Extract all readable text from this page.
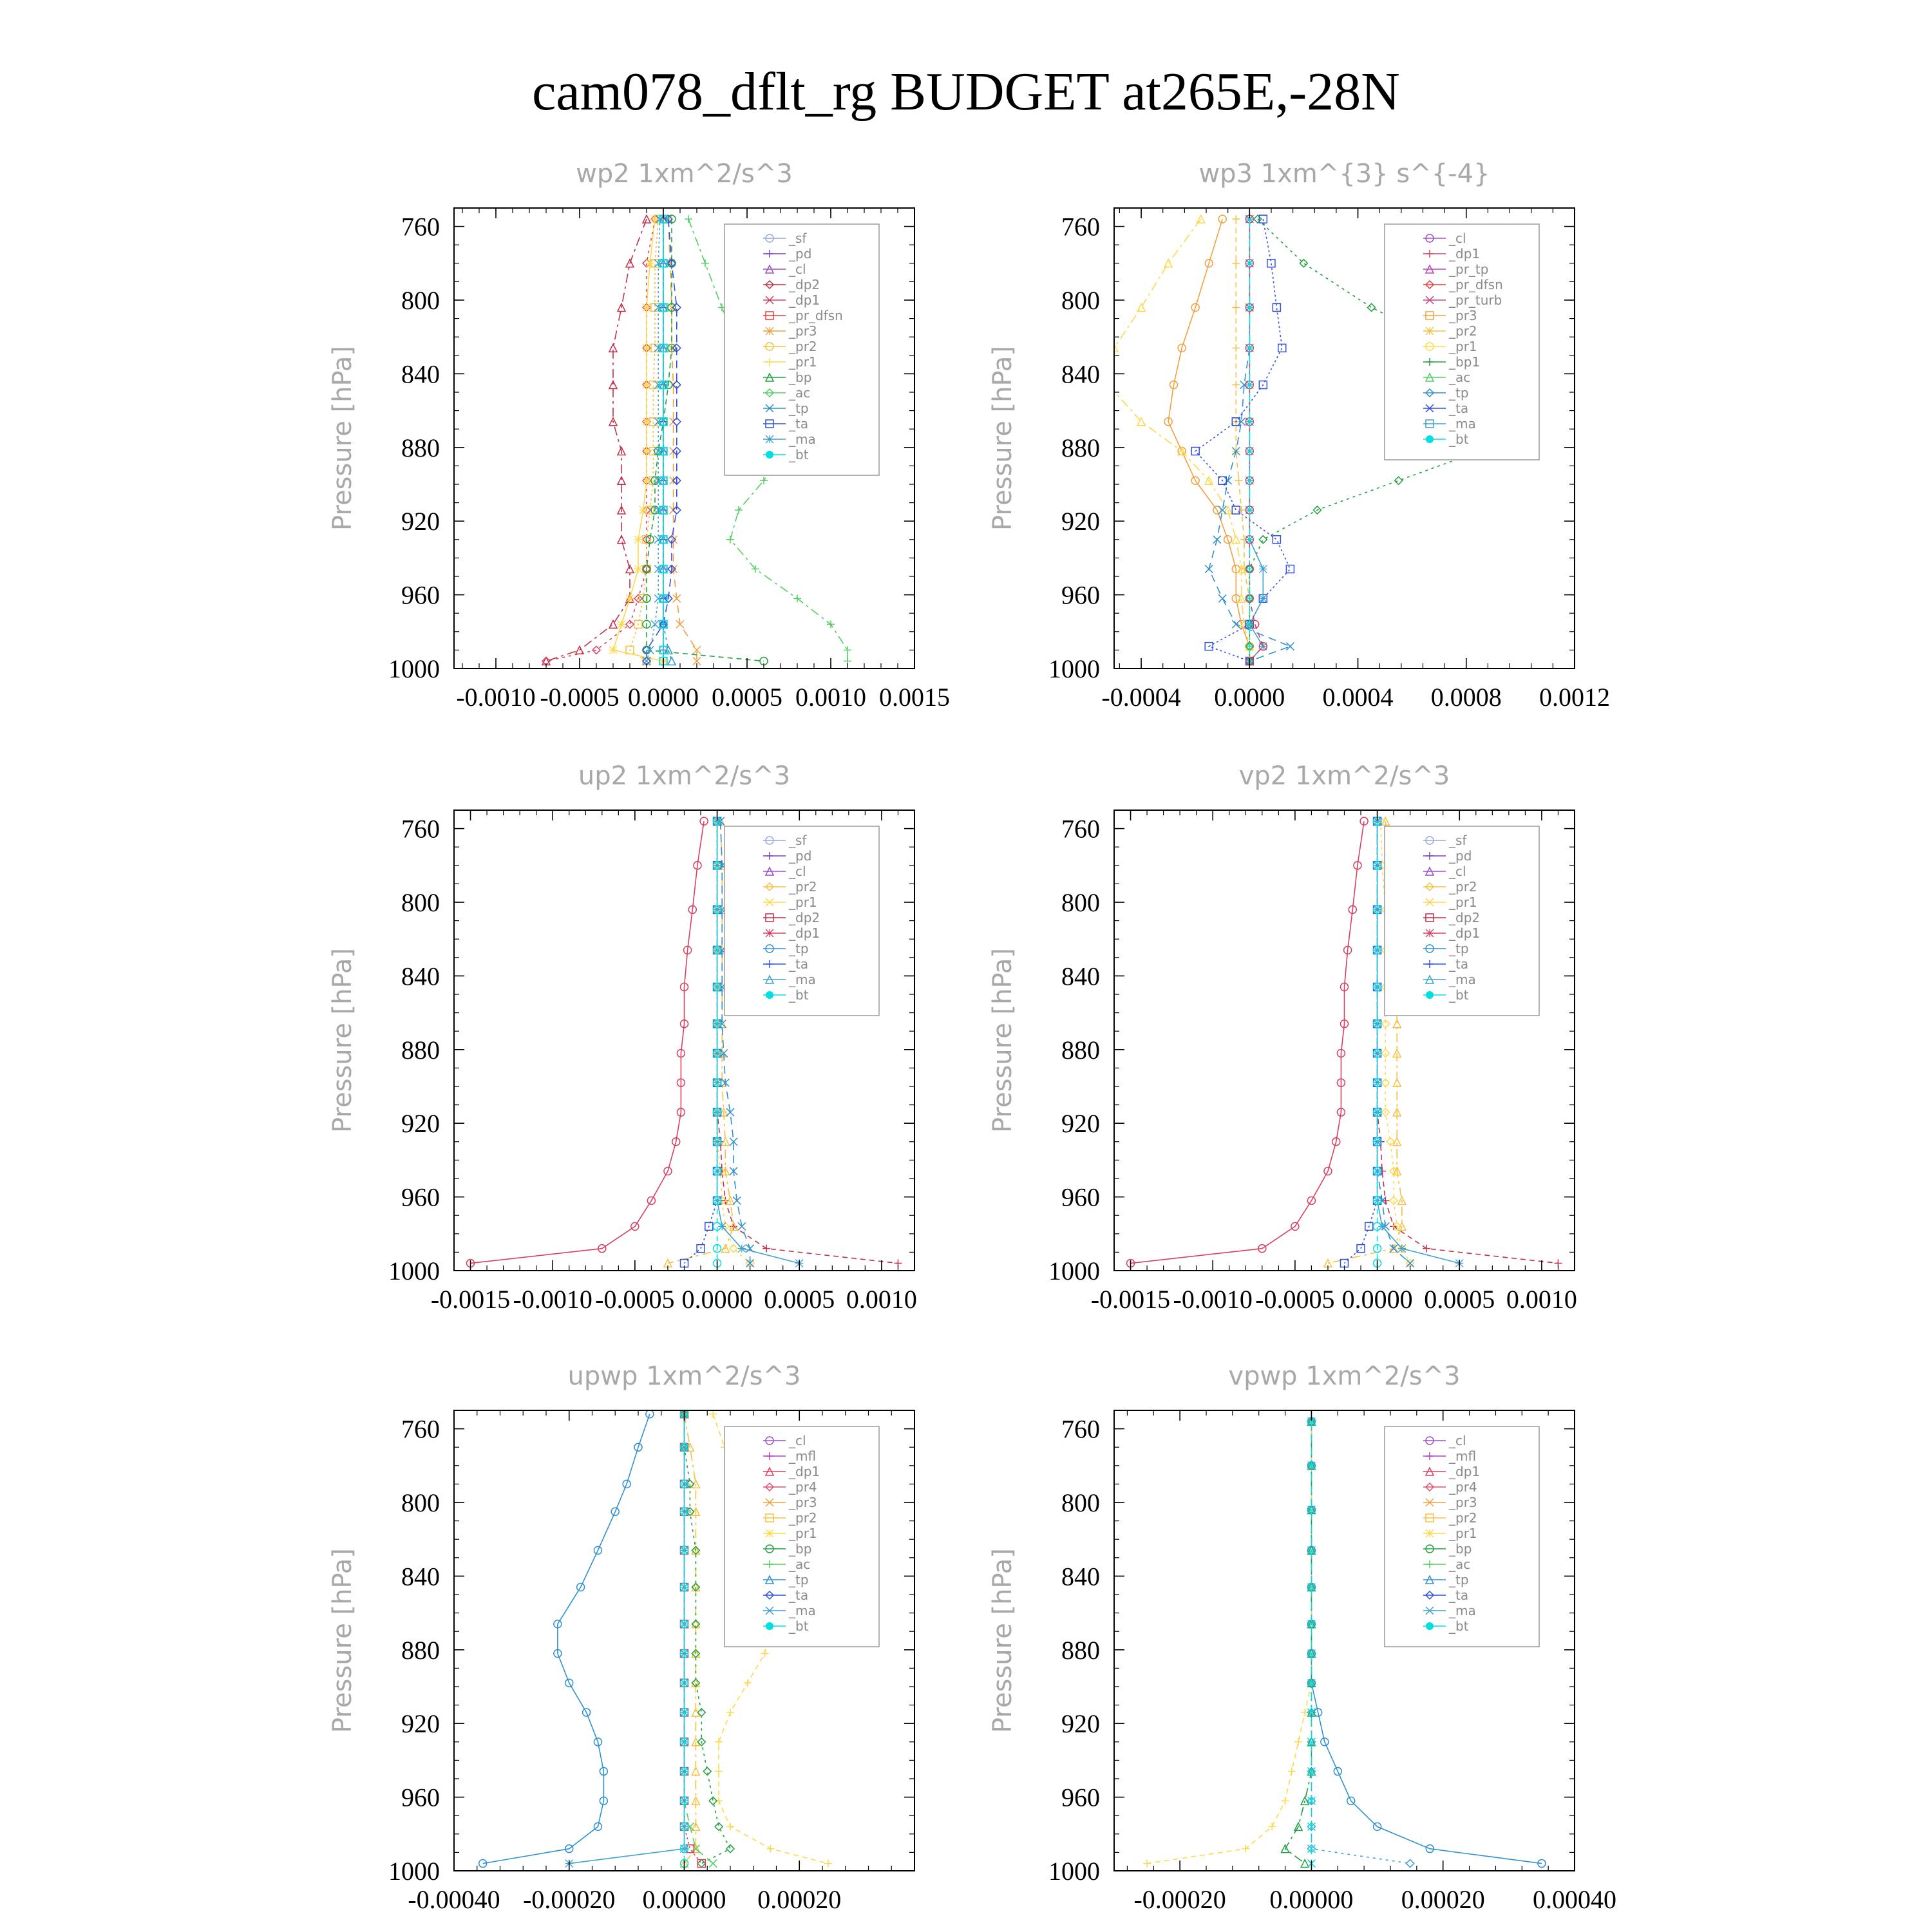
cam078_dflt_rg BUDGET at265E,-28N
wp2 1xm^2/s^3
Pressure [hPa]
-0.0010 -0.0005 0.0000 0.0005 0.0010 0.0015
760
800
840
880
920
960
1000
_sf
_pd
_cl
_dp2
_dp1
_pr_dfsn
_pr3
_pr2
_pr1
_bp
_ac
_tp
_ta
_ma
_bt
wp3 1xm^{3} s^{-4}
Pressure [hPa]
-0.0004 0.0000 0.0004 0.0008 0.0012
760
800
840
880
920
960
1000
_cl
_dp1
_pr_tp
_pr_dfsn
_pr_turb
_pr3
_pr2
_pr1
_bp1
_ac
_tp
_ta
_ma
_bt
up2 1xm^2/s^3
Pressure [hPa]
-0.0015 -0.0010 -0.0005 0.0000 0.0005 0.0010
760
800
840
880
920
960
1000
_sf
_pd
_cl
_pr2
_pr1
_dp2
_dp1
_tp
_ta
_ma
_bt
vp2 1xm^2/s^3
Pressure [hPa]
-0.0015 -0.0010 -0.0005 0.0000 0.0005 0.0010
760
800
840
880
920
960
1000
_sf
_pd
_cl
_pr2
_pr1
_dp2
_dp1
_tp
_ta
_ma
_bt
upwp 1xm^2/s^3
Pressure [hPa]
-0.00040 -0.00020 0.00000 0.00020
760
800
840
880
920
960
1000
_cl
_mfl
_dp1
_pr4
_pr3
_pr2
_pr1
_bp
_ac
_tp
_ta
_ma
_bt
vpwp 1xm^2/s^3
Pressure [hPa]
-0.00020 0.00000 0.00020 0.00040
760
800
840
880
920
960
1000
_cl
_mfl
_dp1
_pr4
_pr3
_pr2
_pr1
_bp
_ac
_tp
_ta
_ma
_bt
